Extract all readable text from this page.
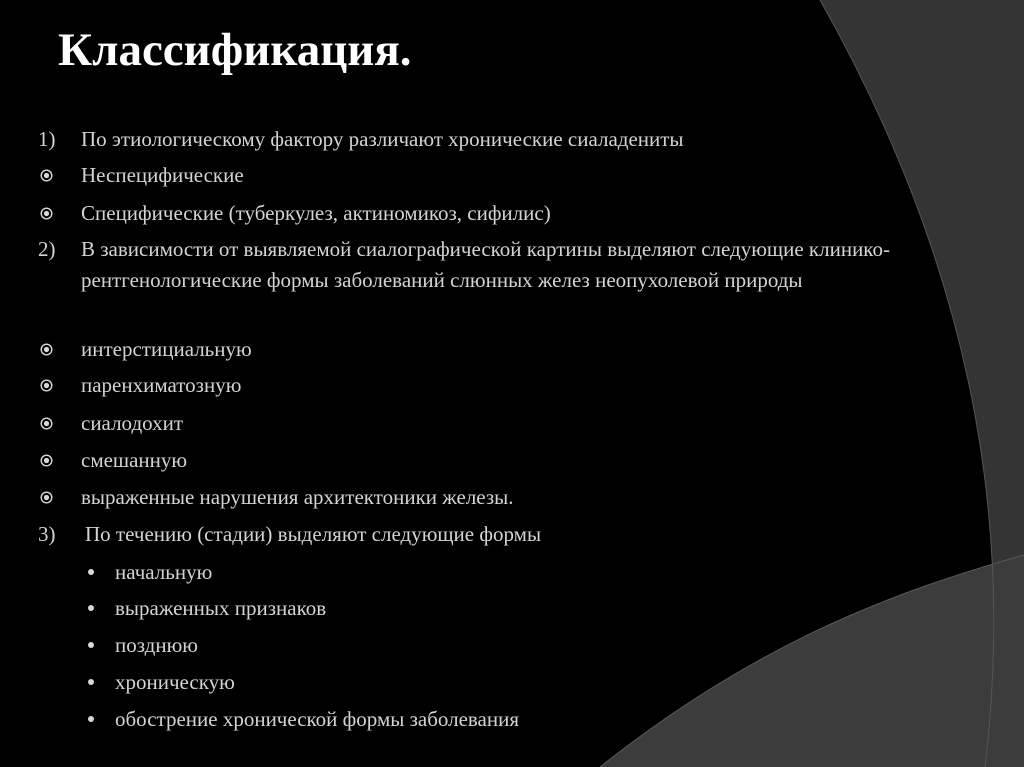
Классификация.
1) По этиологическому фактору различают хронические сиаладениты
Неспецифические
Специфические (туберкулез, актиномикоз, сифилис)
2) В зависимости от выявляемой сиалографической картины выделяют следующие клинико-рентгенологические формы заболеваний слюнных желез неопухолевой природы
интерстициальную
паренхиматозную
сиалодохит
смешанную
выраженные нарушения архитектоники железы.
3) По течению (стадии) выделяют следующие формы
начальную
выраженных признаков
позднюю
хроническую
обострение хронической формы заболевания
